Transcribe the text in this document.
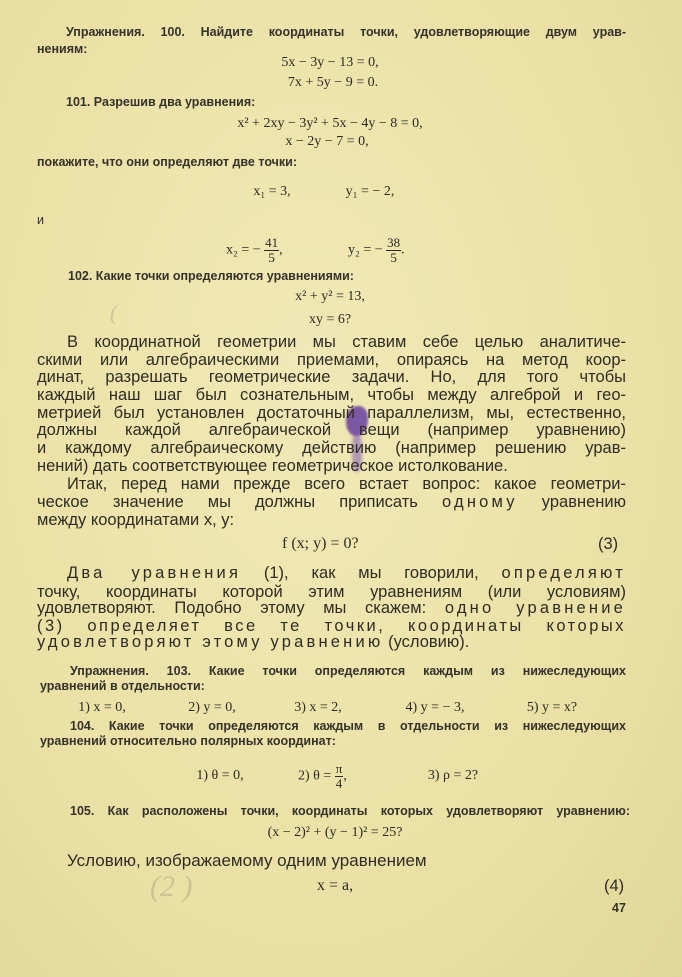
(
(2 )
Упражнения. 100. Найдите координаты точки, удовлетворяющие двум урав-
нениям:
5x − 3y − 13 = 0,
7x + 5y − 9 = 0.
101. Разрешив два уравнения:
x² + 2xy − 3y² + 5x − 4y − 8 = 0,
x − 2y − 7 = 0,
покажите, что они определяют две точки:
x₁ = 3,	y₁ = − 2,
и
x₂ = − $\frac{41}{5}$ ,	y₂ = − $\frac{38}{5}$ .
102. Какие точки определяются уравнениями:
x² + y² = 13,
xy = 6?
В координатной геометрии мы ставим себе целью аналитиче-
скими или алгебраическими приемами, опираясь на метод коор-
динат, разрешать геометрические задачи. Но, для того чтобы
каждый наш шаг был сознательным, чтобы между алгеброй и гео-
метрией был установлен достаточный параллелизм, мы, естественно,
должны каждой алгебраической вещи (например уравнению)
и каждому алгебраическому действию (например решению урав-
нений) дать соответствующее геометрическое истолкование.
Итак, перед нами прежде всего встает вопрос: какое геометри-
ческое значение мы должны приписать одному уравнению
между координатами x, y:
f (x; y) = 0?	(3)
Два уравнения (1), как мы говорили, определяют
точку, координаты которой этим уравнениям (или условиям)
удовлетворяют. Подобно этому мы скажем: одно уравнение
(3) определяет все те точки, координаты которых
удовлетворяют этому уравнению (условию).
Упражнения. 103. Какие точки определяются каждым из нижеследующих
уравнений в отдельности:
1) x = 0,	2) y = 0,	3) x = 2,	4) y = − 3,	5) y = x?
104. Какие точки определяются каждым в отдельности из нижеследующих
уравнений относительно полярных координат:
1) θ = 0,	2) $\theta = \frac{\pi}{4}$ ,	3) ρ = 2?
105. Как расположены точки, координаты которых удовлетворяют уравнению:
(x − 2)² + (y − 1)² = 25?
Условию, изображаемому одним уравнением
x = a,	(4)
47
